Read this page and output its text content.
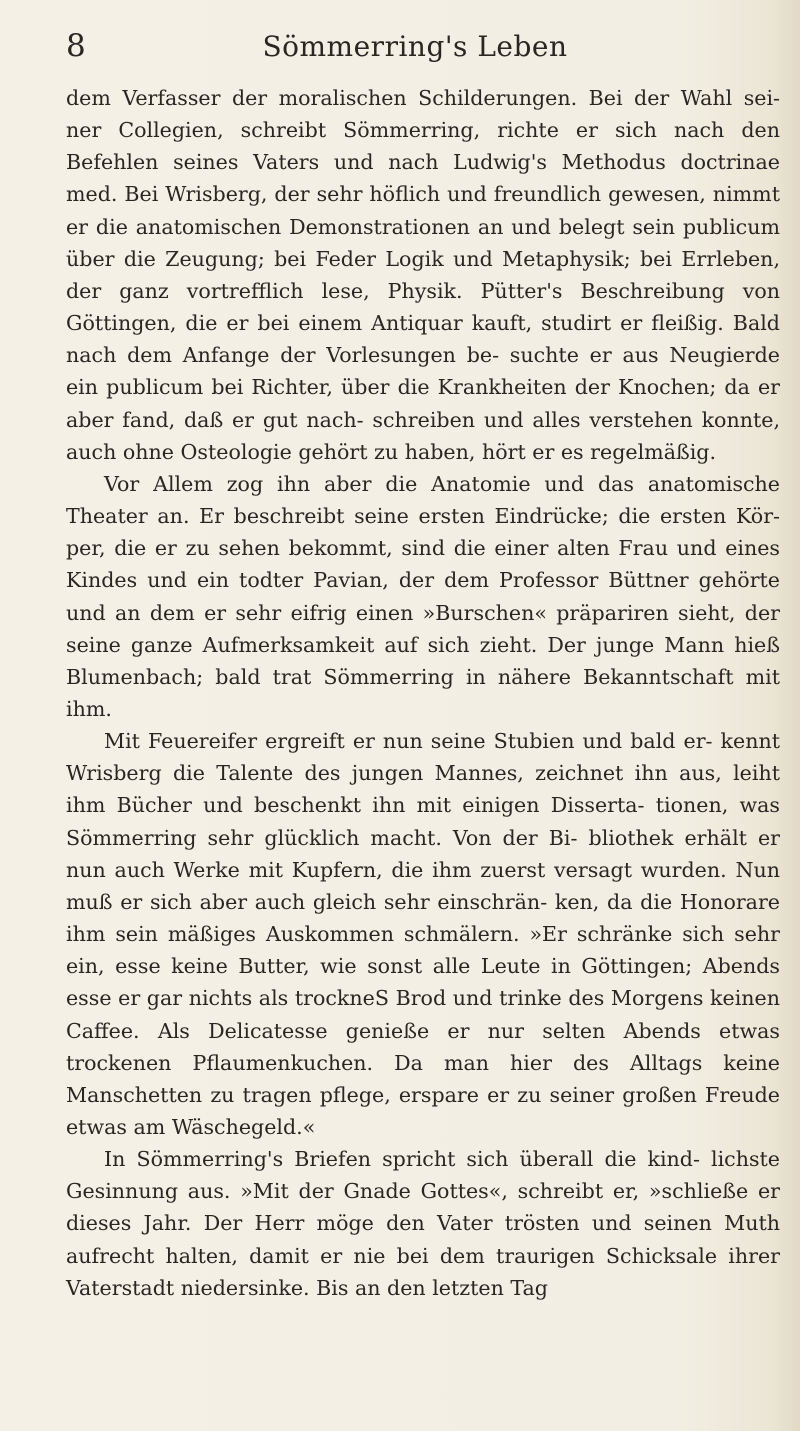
8	Sömmerring's Leben

dem Verfasser der moralischen Schilderungen. Bei der Wahl sei- ner Collegien, schreibt Sömmerring, richte er sich nach den Befehlen seines Vaters und nach Ludwig's Methodus doctrinae med. Bei Wrisberg, der sehr höflich und freundlich gewesen, nimmt er die anatomischen Demonstrationen an und belegt sein publicum über die Zeugung; bei Feder Logik und Metaphysik; bei Errleben, der ganz vortrefflich lese, Physik. Pütter's Beschreibung von Göttingen, die er bei einem Antiquar kauft, studirt er fleißig. Bald nach dem Anfange der Vorlesungen be- suchte er aus Neugierde ein publicum bei Richter, über die Krankheiten der Knochen; da er aber fand, daß er gut nach- schreiben und alles verstehen konnte, auch ohne Osteologie gehört zu haben, hört er es regelmäßig.

Vor Allem zog ihn aber die Anatomie und das anatomische Theater an. Er beschreibt seine ersten Eindrücke; die ersten Kör- per, die er zu sehen bekommt, sind die einer alten Frau und eines Kindes und ein todter Pavian, der dem Professor Büttner gehörte und an dem er sehr eifrig einen »Burschen« präpariren sieht, der seine ganze Aufmerksamkeit auf sich zieht. Der junge Mann hieß Blumenbach; bald trat Sömmerring in nähere Bekanntschaft mit ihm.

Mit Feuereifer ergreift er nun seine Stubien und bald er- kennt Wrisberg die Talente des jungen Mannes, zeichnet ihn aus, leiht ihm Bücher und beschenkt ihn mit einigen Disserta- tionen, was Sömmerring sehr glücklich macht. Von der Bi- bliothek erhält er nun auch Werke mit Kupfern, die ihm zuerst versagt wurden. Nun muß er sich aber auch gleich sehr einschrän- ken, da die Honorare ihm sein mäßiges Auskommen schmälern. »Er schränke sich sehr ein, esse keine Butter, wie sonst alle Leute in Göttingen; Abends esse er gar nichts als trockneS Brod und trinke des Morgens keinen Caffee. Als Delicatesse genieße er nur selten Abends etwas trockenen Pflaumenkuchen. Da man hier des Alltags keine Manschetten zu tragen pflege, erspare er zu seiner großen Freude etwas am Wäschegeld.«

In Sömmerring's Briefen spricht sich überall die kind- lichste Gesinnung aus. »Mit der Gnade Gottes«, schreibt er, »schließe er dieses Jahr. Der Herr möge den Vater trösten und seinen Muth aufrecht halten, damit er nie bei dem traurigen Schicksale ihrer Vaterstadt niedersinke. Bis an den letzten Tag
